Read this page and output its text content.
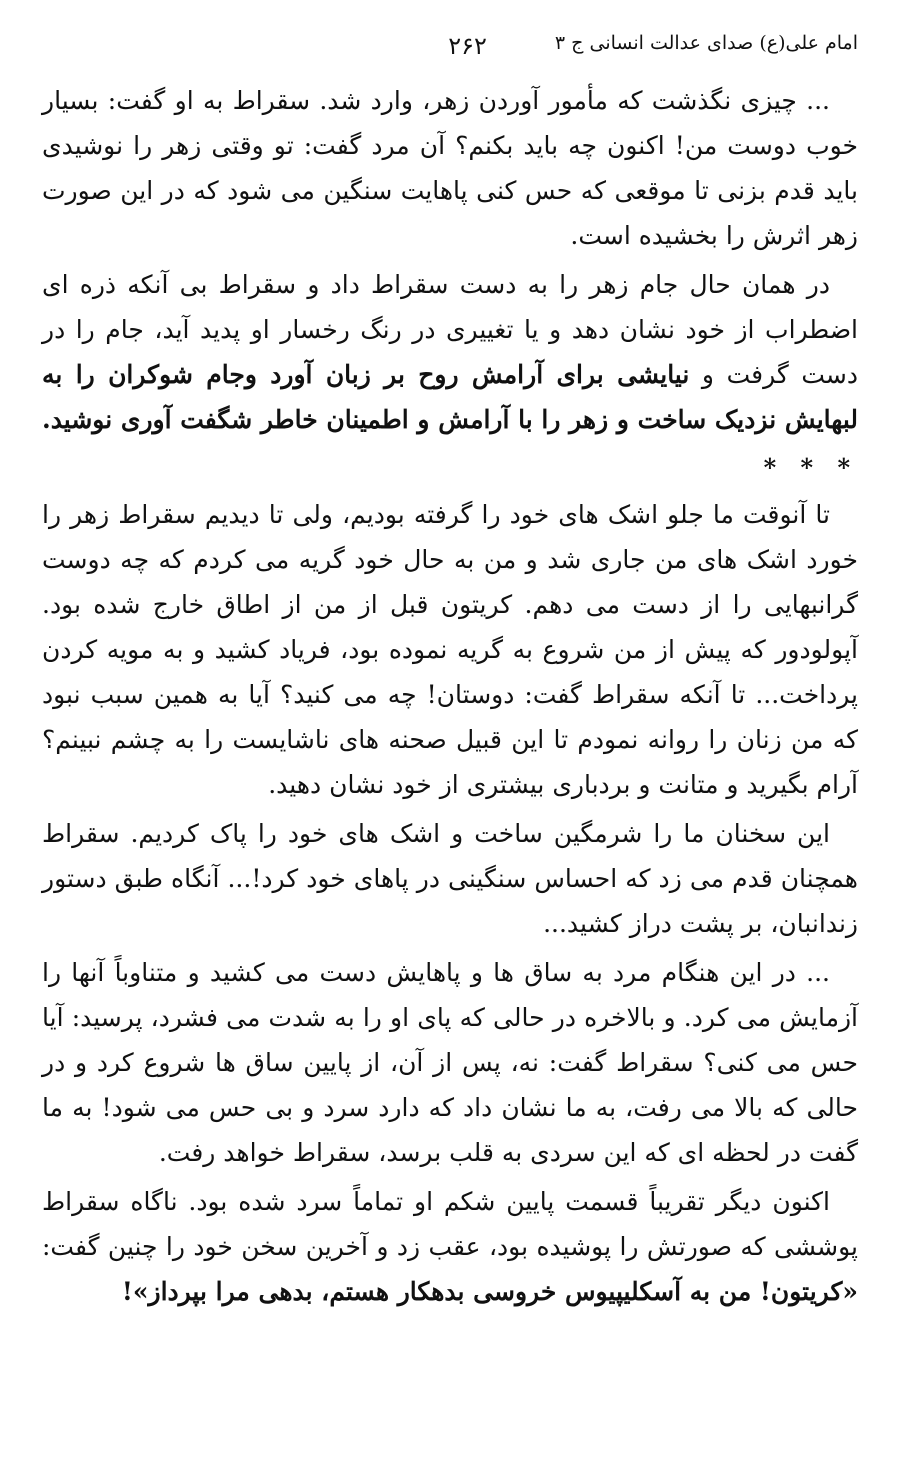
امام علی(ع) صدای عدالت انسانی ج ۳
۲۶۲

... چیزی نگذشت که مأمور آوردن زهر، وارد شد. سقراط به او گفت: بسیار خوب دوست من! اکنون چه باید بکنم؟ آن مرد گفت: تو وقتی زهر را نوشیدی باید قدم بزنی تا موقعی که حس کنی پاهایت سنگین می شود که در این صورت زهر اثرش را بخشیده است.

در همان حال جام زهر را به دست سقراط داد و سقراط بی آنکه ذره ای اضطراب از خود نشان دهد و یا تغییری در رنگ رخسار او پدید آید، جام را در دست گرفت و نیایشی برای آرامش روح بر زبان آورد وجام شوکران را به لبهایش نزدیک ساخت و زهر را با آرامش و اطمینان خاطر شگفت آوری نوشید.

* * *

تا آنوقت ما جلو اشک های خود را گرفته بودیم، ولی تا دیدیم سقراط زهر را خورد اشک های من جاری شد و من به حال خود گریه می کردم که چه دوست گرانبهایی را از دست می دهم. کریتون قبل از من از اطاق خارج شده بود. آپولودور که پیش از من شروع به گریه نموده بود، فریاد کشید و به مویه کردن پرداخت... تا آنکه سقراط گفت: دوستان! چه می کنید؟ آیا به همین سبب نبود که من زنان را روانه نمودم تا این قبیل صحنه های ناشایست را به چشم نبینم؟ آرام بگیرید و متانت و بردباری بیشتری از خود نشان دهید.

این سخنان ما را شرمگین ساخت و اشک های خود را پاک کردیم. سقراط همچنان قدم می زد که احساس سنگینی در پاهای خود کرد!... آنگاه طبق دستور زندانبان، بر پشت دراز کشید...

... در این هنگام مرد به ساق ها و پاهایش دست می کشید و متناوباً آنها را آزمایش می کرد. و بالاخره در حالی که پای او را به شدت می فشرد، پرسید: آیا حس می کنی؟ سقراط گفت: نه، پس از آن، از پایین ساق ها شروع کرد و در حالی که بالا می رفت، به ما نشان داد که دارد سرد و بی حس می شود! به ما گفت در لحظه ای که این سردی به قلب برسد، سقراط خواهد رفت.

اکنون دیگر تقریباً قسمت پایین شکم او تماماً سرد شده بود. ناگاه سقراط پوششی که صورتش را پوشیده بود، عقب زد و آخرین سخن خود را چنین گفت: «کریتون! من به آسکلیپیوس خروسی بدهکار هستم، بدهی مرا بپرداز»!
